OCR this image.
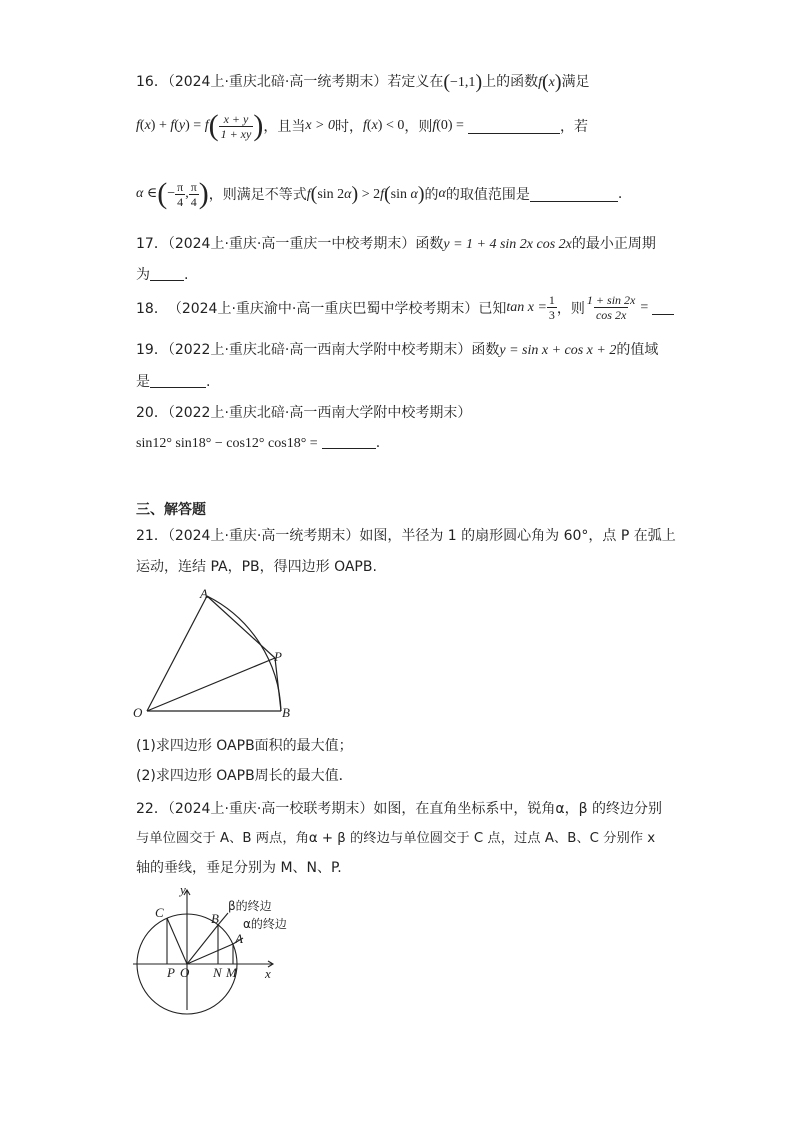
16．（2024上·重庆北碚·高一统考期末）若定义在(−1,1)上的函数f(x)满足
$f(x) + f(y) = f( \frac{x + y}{1 + xy}$ ) ，且当 x > 0 时， f(x) < 0 ，则 f(0) =	，若
α ∈(− $\frac{\pi}{4}$ , $\frac{\pi}{4}$ ) ，则满足不等式 f(sin 2α) > 2f(sin α) 的 α 的取值范围是	.
17．（2024上·重庆·高一重庆一中校考期末）函数y = 1 + 4 sin 2x cos 2x的最小正周期
为 .
18． （2024上·重庆渝中·高一重庆巴蜀中学校考期末） 已知 $\tan x = \frac{1}{3}$ ，则 $\frac{1 + \sin 2x}{\cos 2x}$ =
19．（2022上·重庆北碚·高一西南大学附中校考期末）函数y = sin x + cos x + 2的值域
是	.
20．（2022上·重庆北碚·高一西南大学附中校考期末）
sin12° sin18° − cos12° cos18° =	.
三、解答题
21．（2024上·重庆·高一统考期末）如图，半径为 1 的扇形圆心角为 60°，点 P 在弧上
运动，连结 PA，PB，得四边形 OAPB.
A
P
O	B
(1)求四边形 OAPB面积的最大值；
(2)求四边形 OAPB周长的最大值．
22．（2024上·重庆·高一校联考期末）如图，在直角坐标系中，锐角α，β 的终边分别
与单位圆交于 A、B 两点，角α + β 的终边与单位圆交于 C 点，过点 A、B、C 分别作 x
轴的垂线，垂足分别为 M、N、P.
y
x
C	B
A
P O N M
β的终边
α的终边
